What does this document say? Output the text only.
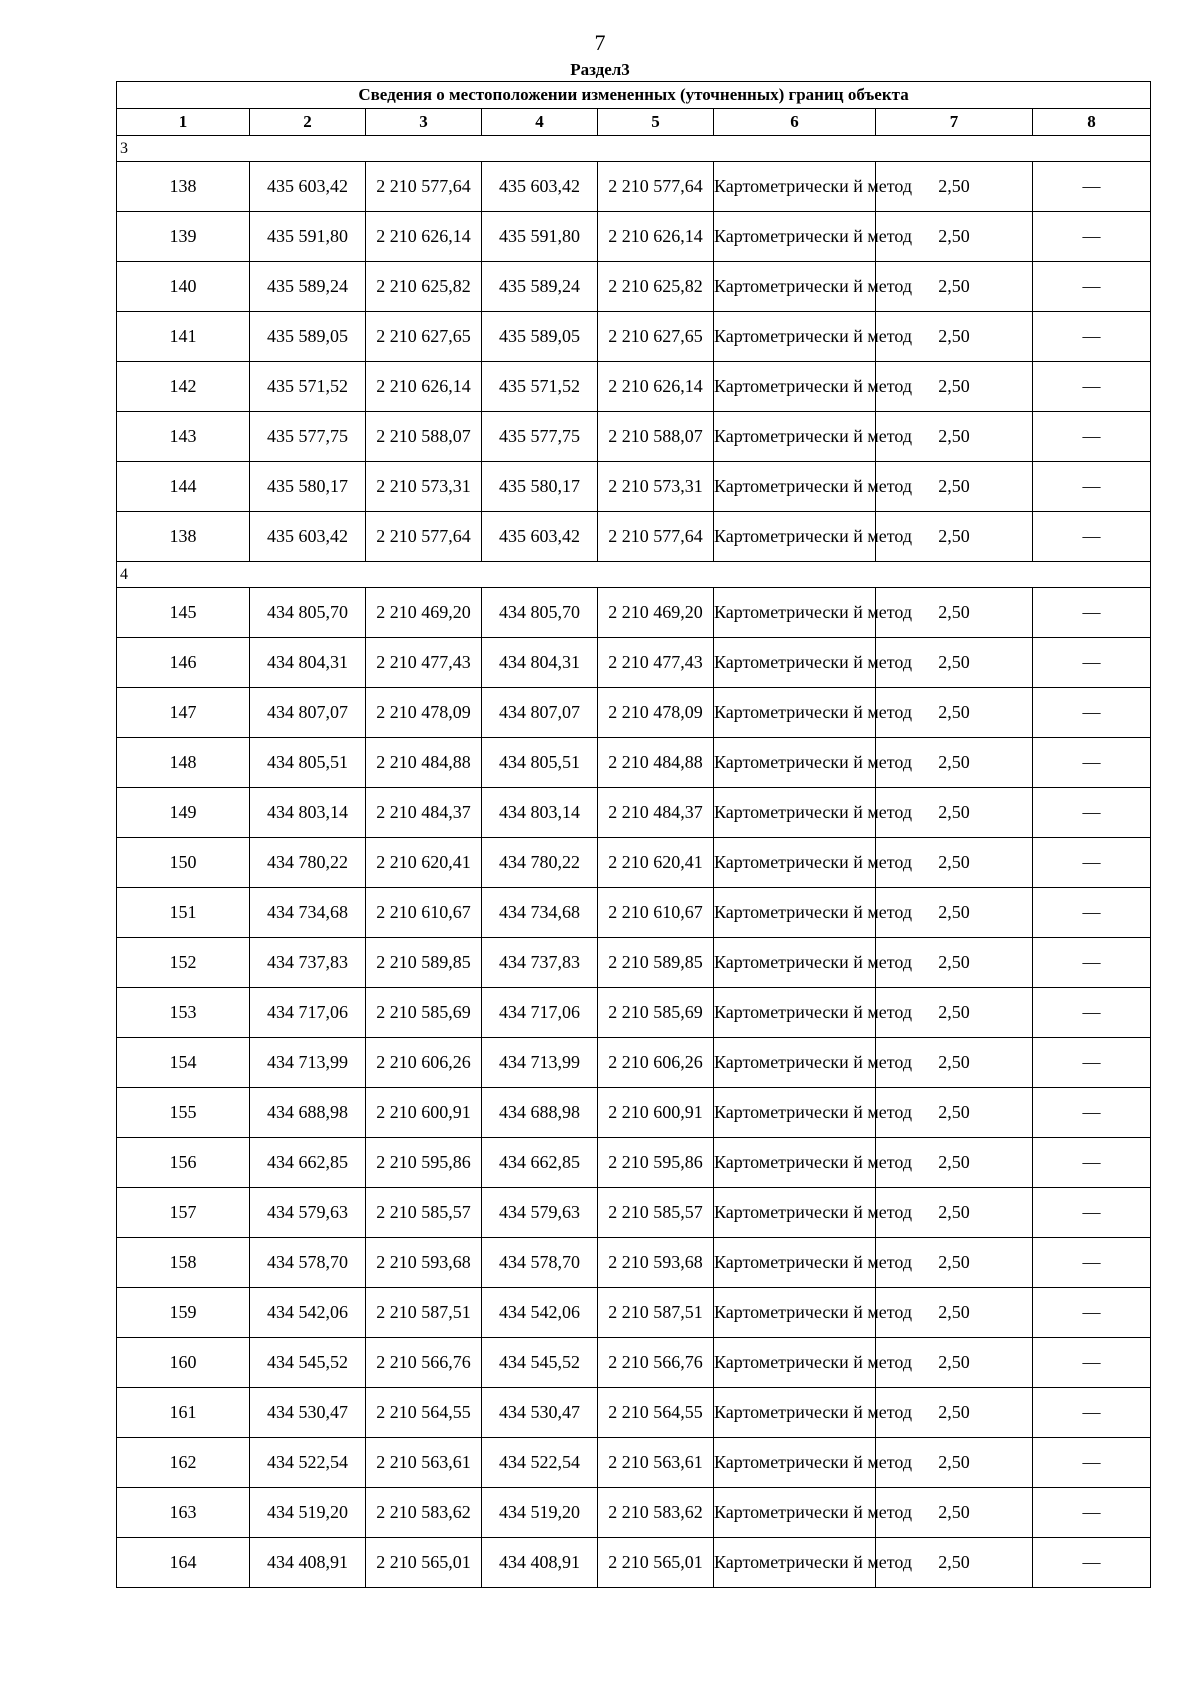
7
Раздел3
Сведения о местоположении измененных (уточненных) границ объекта							
1	2	3	4	5	6	7	8
3							
138	435 603,42	2 210 577,64	435 603,42	2 210 577,64	Картометрически й метод	2,50	—
139	435 591,80	2 210 626,14	435 591,80	2 210 626,14	Картометрически й метод	2,50	—
140	435 589,24	2 210 625,82	435 589,24	2 210 625,82	Картометрически й метод	2,50	—
141	435 589,05	2 210 627,65	435 589,05	2 210 627,65	Картометрически й метод	2,50	—
142	435 571,52	2 210 626,14	435 571,52	2 210 626,14	Картометрически й метод	2,50	—
143	435 577,75	2 210 588,07	435 577,75	2 210 588,07	Картометрически й метод	2,50	—
144	435 580,17	2 210 573,31	435 580,17	2 210 573,31	Картометрически й метод	2,50	—
138	435 603,42	2 210 577,64	435 603,42	2 210 577,64	Картометрически й метод	2,50	—
4							
145	434 805,70	2 210 469,20	434 805,70	2 210 469,20	Картометрически й метод	2,50	—
146	434 804,31	2 210 477,43	434 804,31	2 210 477,43	Картометрически й метод	2,50	—
147	434 807,07	2 210 478,09	434 807,07	2 210 478,09	Картометрически й метод	2,50	—
148	434 805,51	2 210 484,88	434 805,51	2 210 484,88	Картометрически й метод	2,50	—
149	434 803,14	2 210 484,37	434 803,14	2 210 484,37	Картометрически й метод	2,50	—
150	434 780,22	2 210 620,41	434 780,22	2 210 620,41	Картометрически й метод	2,50	—
151	434 734,68	2 210 610,67	434 734,68	2 210 610,67	Картометрически й метод	2,50	—
152	434 737,83	2 210 589,85	434 737,83	2 210 589,85	Картометрически й метод	2,50	—
153	434 717,06	2 210 585,69	434 717,06	2 210 585,69	Картометрически й метод	2,50	—
154	434 713,99	2 210 606,26	434 713,99	2 210 606,26	Картометрически й метод	2,50	—
155	434 688,98	2 210 600,91	434 688,98	2 210 600,91	Картометрически й метод	2,50	—
156	434 662,85	2 210 595,86	434 662,85	2 210 595,86	Картометрически й метод	2,50	—
157	434 579,63	2 210 585,57	434 579,63	2 210 585,57	Картометрически й метод	2,50	—
158	434 578,70	2 210 593,68	434 578,70	2 210 593,68	Картометрически й метод	2,50	—
159	434 542,06	2 210 587,51	434 542,06	2 210 587,51	Картометрически й метод	2,50	—
160	434 545,52	2 210 566,76	434 545,52	2 210 566,76	Картометрически й метод	2,50	—
161	434 530,47	2 210 564,55	434 530,47	2 210 564,55	Картометрически й метод	2,50	—
162	434 522,54	2 210 563,61	434 522,54	2 210 563,61	Картометрически й метод	2,50	—
163	434 519,20	2 210 583,62	434 519,20	2 210 583,62	Картометрически й метод	2,50	—
164	434 408,91	2 210 565,01	434 408,91	2 210 565,01	Картометрически й метод	2,50	—
